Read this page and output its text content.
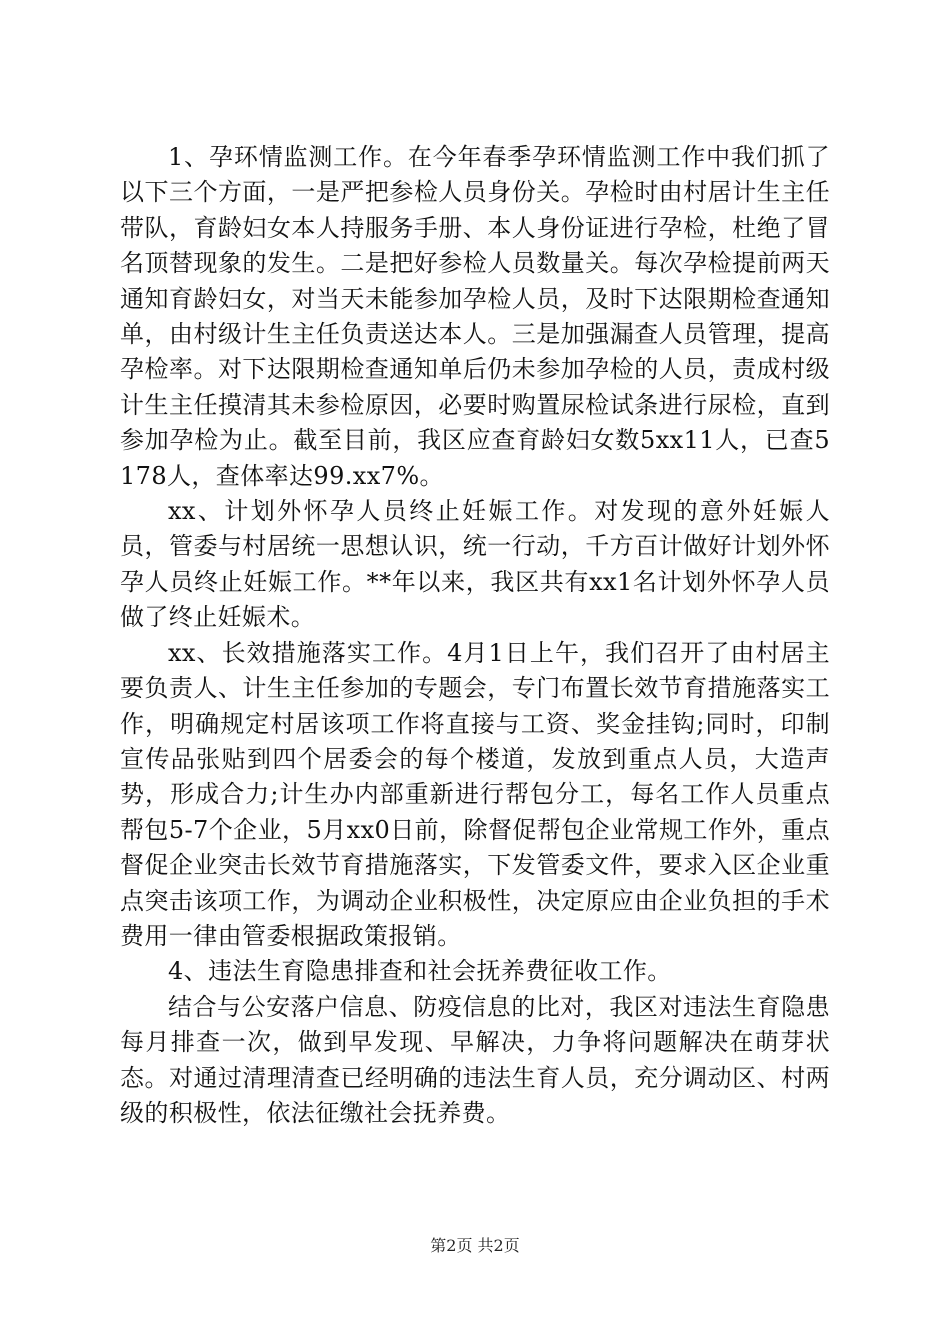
1、孕环情监测工作。在今年春季孕环情监测工作中我们抓了以下三个方面，一是严把参检人员身份关。孕检时由村居计生主任带队，育龄妇女本人持服务手册、本人身份证进行孕检，杜绝了冒名顶替现象的发生。二是把好参检人员数量关。每次孕检提前两天通知育龄妇女，对当天未能参加孕检人员，及时下达限期检查通知单，由村级计生主任负责送达本人。三是加强漏查人员管理，提高孕检率。对下达限期检查通知单后仍未参加孕检的人员，责成村级计生主任摸清其未参检原因，必要时购置尿检试条进行尿检，直到参加孕检为止。截至目前，我区应查育龄妇女数5xx11人，已查5178人，查体率达99.xx7%。

xx、计划外怀孕人员终止妊娠工作。对发现的意外妊娠人员，管委与村居统一思想认识，统一行动，千方百计做好计划外怀孕人员终止妊娠工作。**年以来，我区共有xx1名计划外怀孕人员做了终止妊娠术。

xx、长效措施落实工作。4月1日上午，我们召开了由村居主要负责人、计生主任参加的专题会，专门布置长效节育措施落实工作，明确规定村居该项工作将直接与工资、奖金挂钩;同时，印制宣传品张贴到四个居委会的每个楼道，发放到重点人员，大造声势，形成合力;计生办内部重新进行帮包分工，每名工作人员重点帮包5-7个企业，5月xx0日前，除督促帮包企业常规工作外，重点督促企业突击长效节育措施落实，下发管委文件，要求入区企业重点突击该项工作，为调动企业积极性，决定原应由企业负担的手术费用一律由管委根据政策报销。

4、违法生育隐患排查和社会抚养费征收工作。

结合与公安落户信息、防疫信息的比对，我区对违法生育隐患每月排查一次，做到早发现、早解决，力争将问题解决在萌芽状态。对通过清理清查已经明确的违法生育人员，充分调动区、村两级的积极性，依法征缴社会抚养费。

第2页 共2页
